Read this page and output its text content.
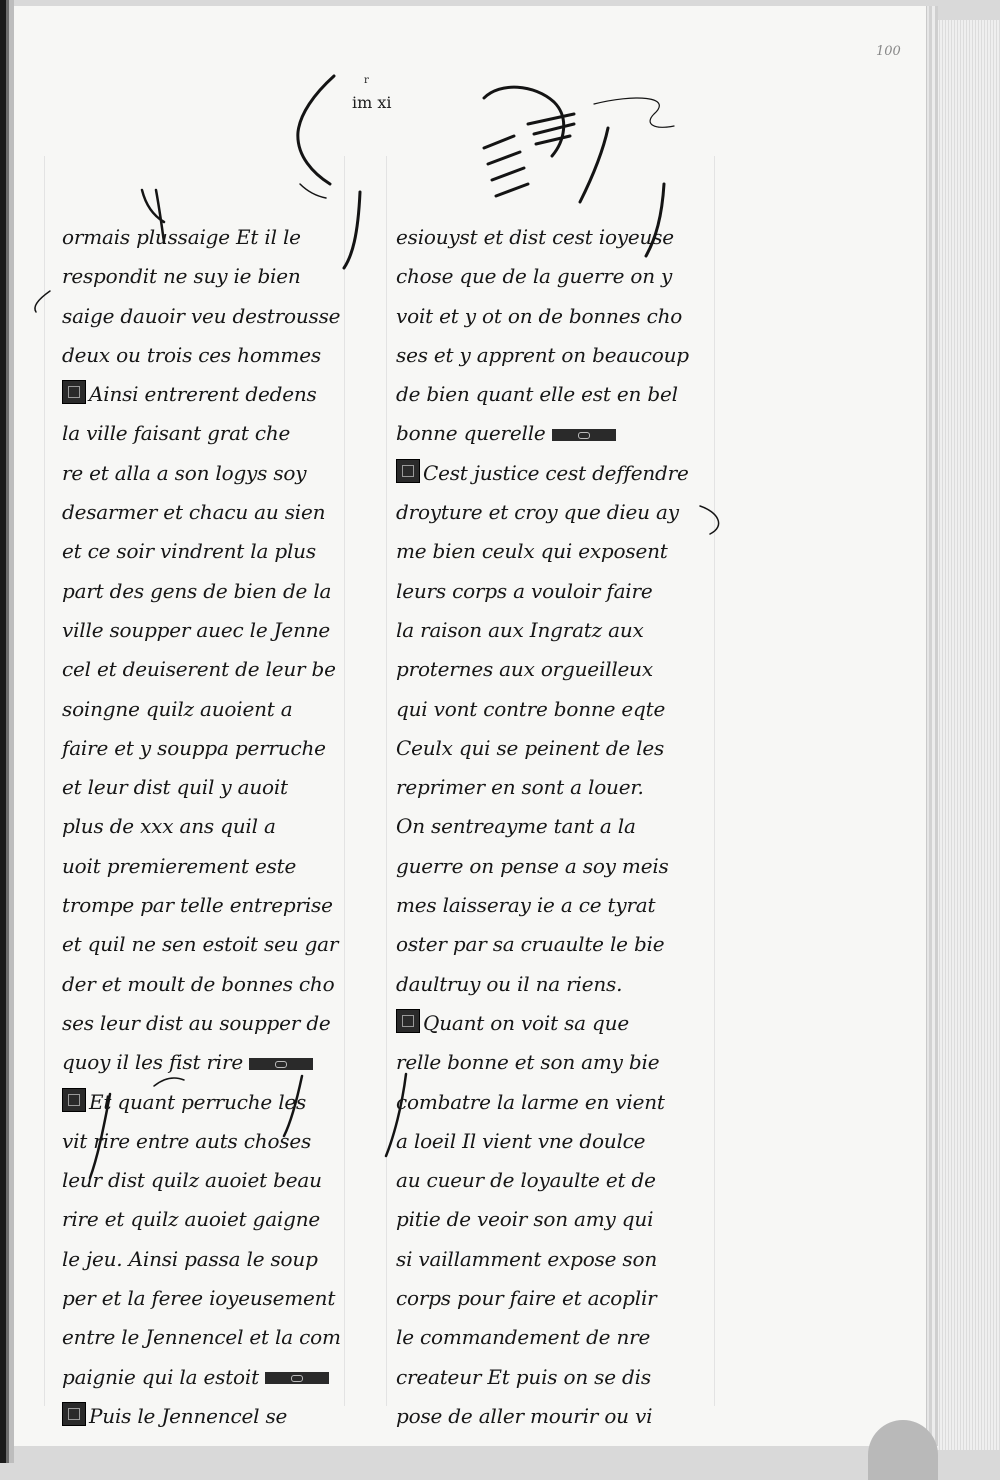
100
$^r$
im xi
ormais plussaige Et il le
respondit ne suy ie bien
saige dauoir veu destrousse
deux ou trois ces hommes
Ainsi entrerent dedens
la ville faisant grat che
re et alla a son logys soy
desarmer et chacu au sien
et ce soir vindrent la plus
part des gens de bien de la
ville soupper auec le Jenne
cel et deuiserent de leur be
soingne quilz auoient a
faire et y souppa perruche
et leur dist quil y auoit
plus de xxx ans quil a
uoit premierement este
trompe par telle entreprise
et quil ne sen estoit seu gar
der et moult de bonnes cho
ses leur dist au soupper de
quoy il les fist rire
Et quant perruche les
vit rire entre auts choses
leur dist quilz auoiet beau
rire et quilz auoiet gaigne
le jeu. Ainsi passa le soup
per et la feree ioyeusement
entre le Jennencel et la com
paignie qui la estoit
Puis le Jennencel se
esiouyst et dist cest ioyeuse
chose que de la guerre on y
voit et y ot on de bonnes cho
ses et y apprent on beaucoup
de bien quant elle est en bel
bonne querelle
Cest justice cest deffendre
droyture et croy que dieu ay
me bien ceulx qui exposent
leurs corps a vouloir faire
la raison aux Ingratz aux
proternes aux orgueilleux
qui vont contre bonne eqte
Ceulx qui se peinent de les
reprimer en sont a louer.
On sentreayme tant a la
guerre on pense a soy meis
mes laisseray ie a ce tyrat
oster par sa cruaulte le bie
daultruy ou il na riens.
Quant on voit sa que
relle bonne et son amy bie
combatre la larme en vient
a loeil Il vient vne doulce
au cueur de loyaulte et de
pitie de veoir son amy qui
si vaillamment expose son
corps pour faire et acoplir
le commandement de nre
createur Et puis on se dis
pose de aller mourir ou vi
